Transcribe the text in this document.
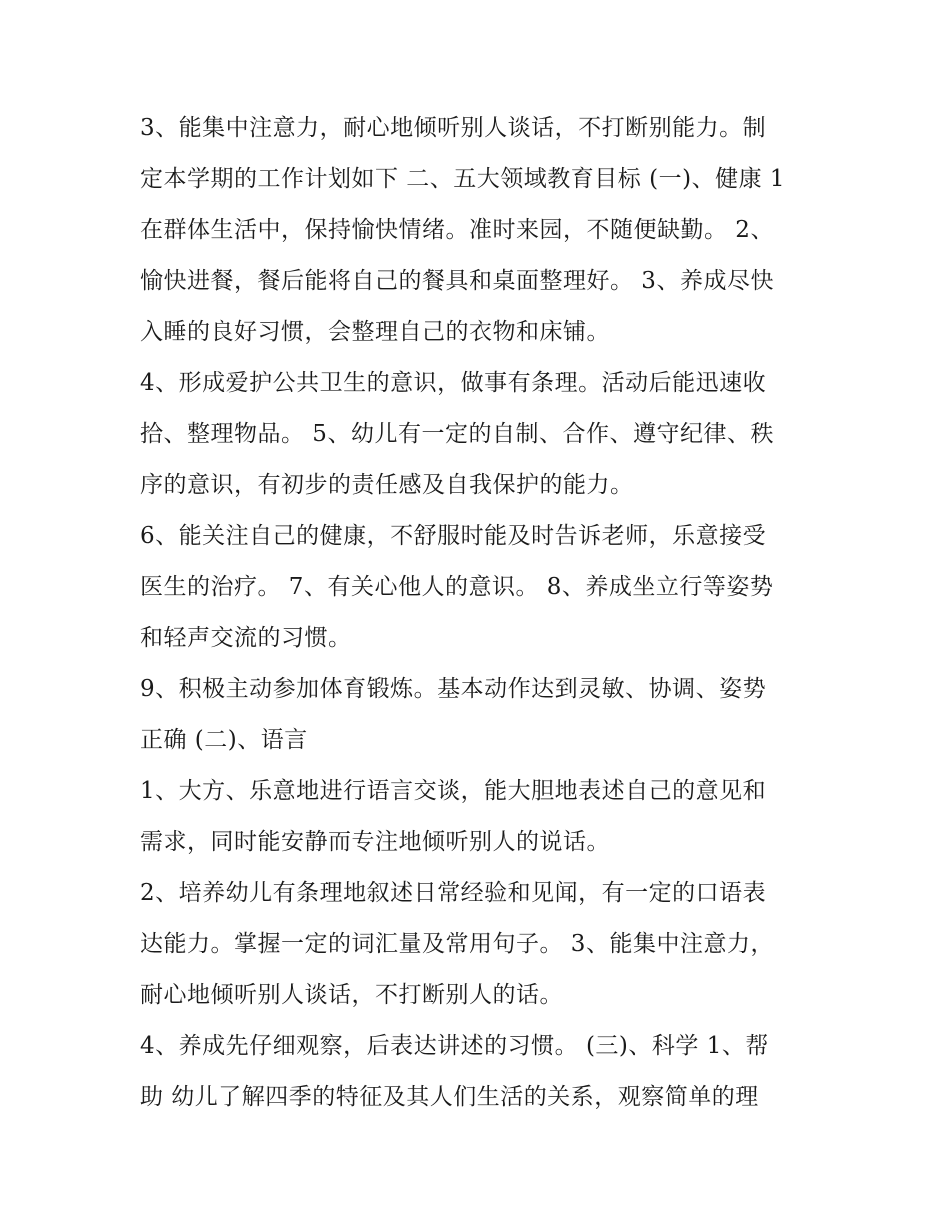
3、能集中注意力，耐心地倾听别人谈话，不打断别能力。制
定本学期的工作计划如下 二、五大领域教育目标 (一)、健康 1
在群体生活中，保持愉快情绪。准时来园，不随便缺勤。 2、
愉快进餐，餐后能将自己的餐具和桌面整理好。 3、养成尽快
入睡的良好习惯，会整理自己的衣物和床铺。

4、形成爱护公共卫生的意识，做事有条理。活动后能迅速收
拾、整理物品。 5、幼儿有一定的自制、合作、遵守纪律、秩
序的意识，有初步的责任感及自我保护的能力。

6、能关注自己的健康，不舒服时能及时告诉老师，乐意接受
医生的治疗。 7、有关心他人的意识。 8、养成坐立行等姿势
和轻声交流的习惯。

9、积极主动参加体育锻炼。基本动作达到灵敏、协调、姿势
正确 (二)、语言

1、大方、乐意地进行语言交谈，能大胆地表述自己的意见和
需求，同时能安静而专注地倾听别人的说话。

2、培养幼儿有条理地叙述日常经验和见闻，有一定的口语表
达能力。掌握一定的词汇量及常用句子。 3、能集中注意力，
耐心地倾听别人谈话，不打断别人的话。

4、养成先仔细观察，后表达讲述的习惯。 (三)、科学 1、帮
助 幼儿了解四季的特征及其人们生活的关系，观察简单的理
